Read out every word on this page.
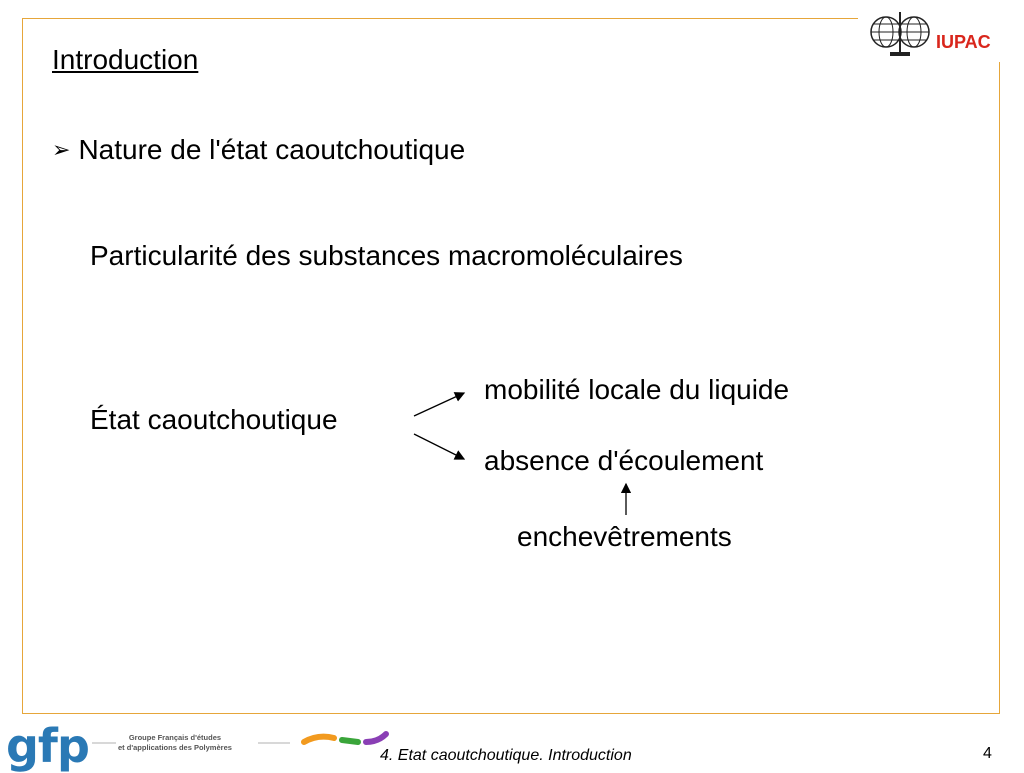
IUPAC
Introduction
➢ Nature de l'état caoutchoutique
Particularité des substances macromoléculaires
État caoutchoutique
mobilité locale du liquide
absence d'écoulement
enchevêtrements
gfp	Groupe Français d'études
et d'applications des Polymères	4. Etat caoutchoutique. Introduction	4
